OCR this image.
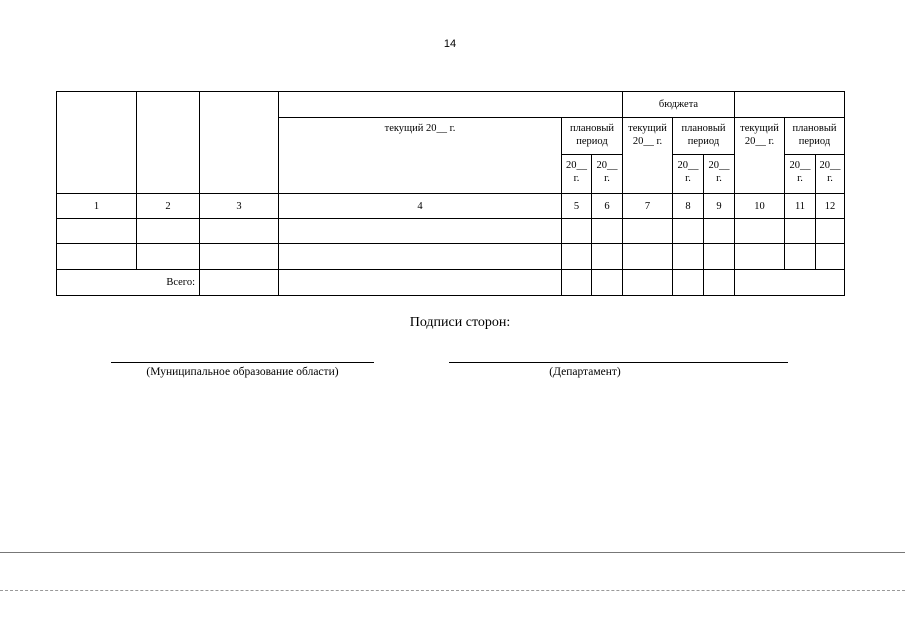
14
						бюджета					
			текущий 20__ г.	плановый период		текущий 20__ г.	плановый период		текущий 20__ г.	плановый период	
				20__ г.	20__ г.		20__ г.	20__ г.		20__ г.	20__ г.
1	2	3	4	5	6	7	8	9	10	11	12

Всего:											
Подписи сторон:
(Муниципальное образование области)	(Департамент)
